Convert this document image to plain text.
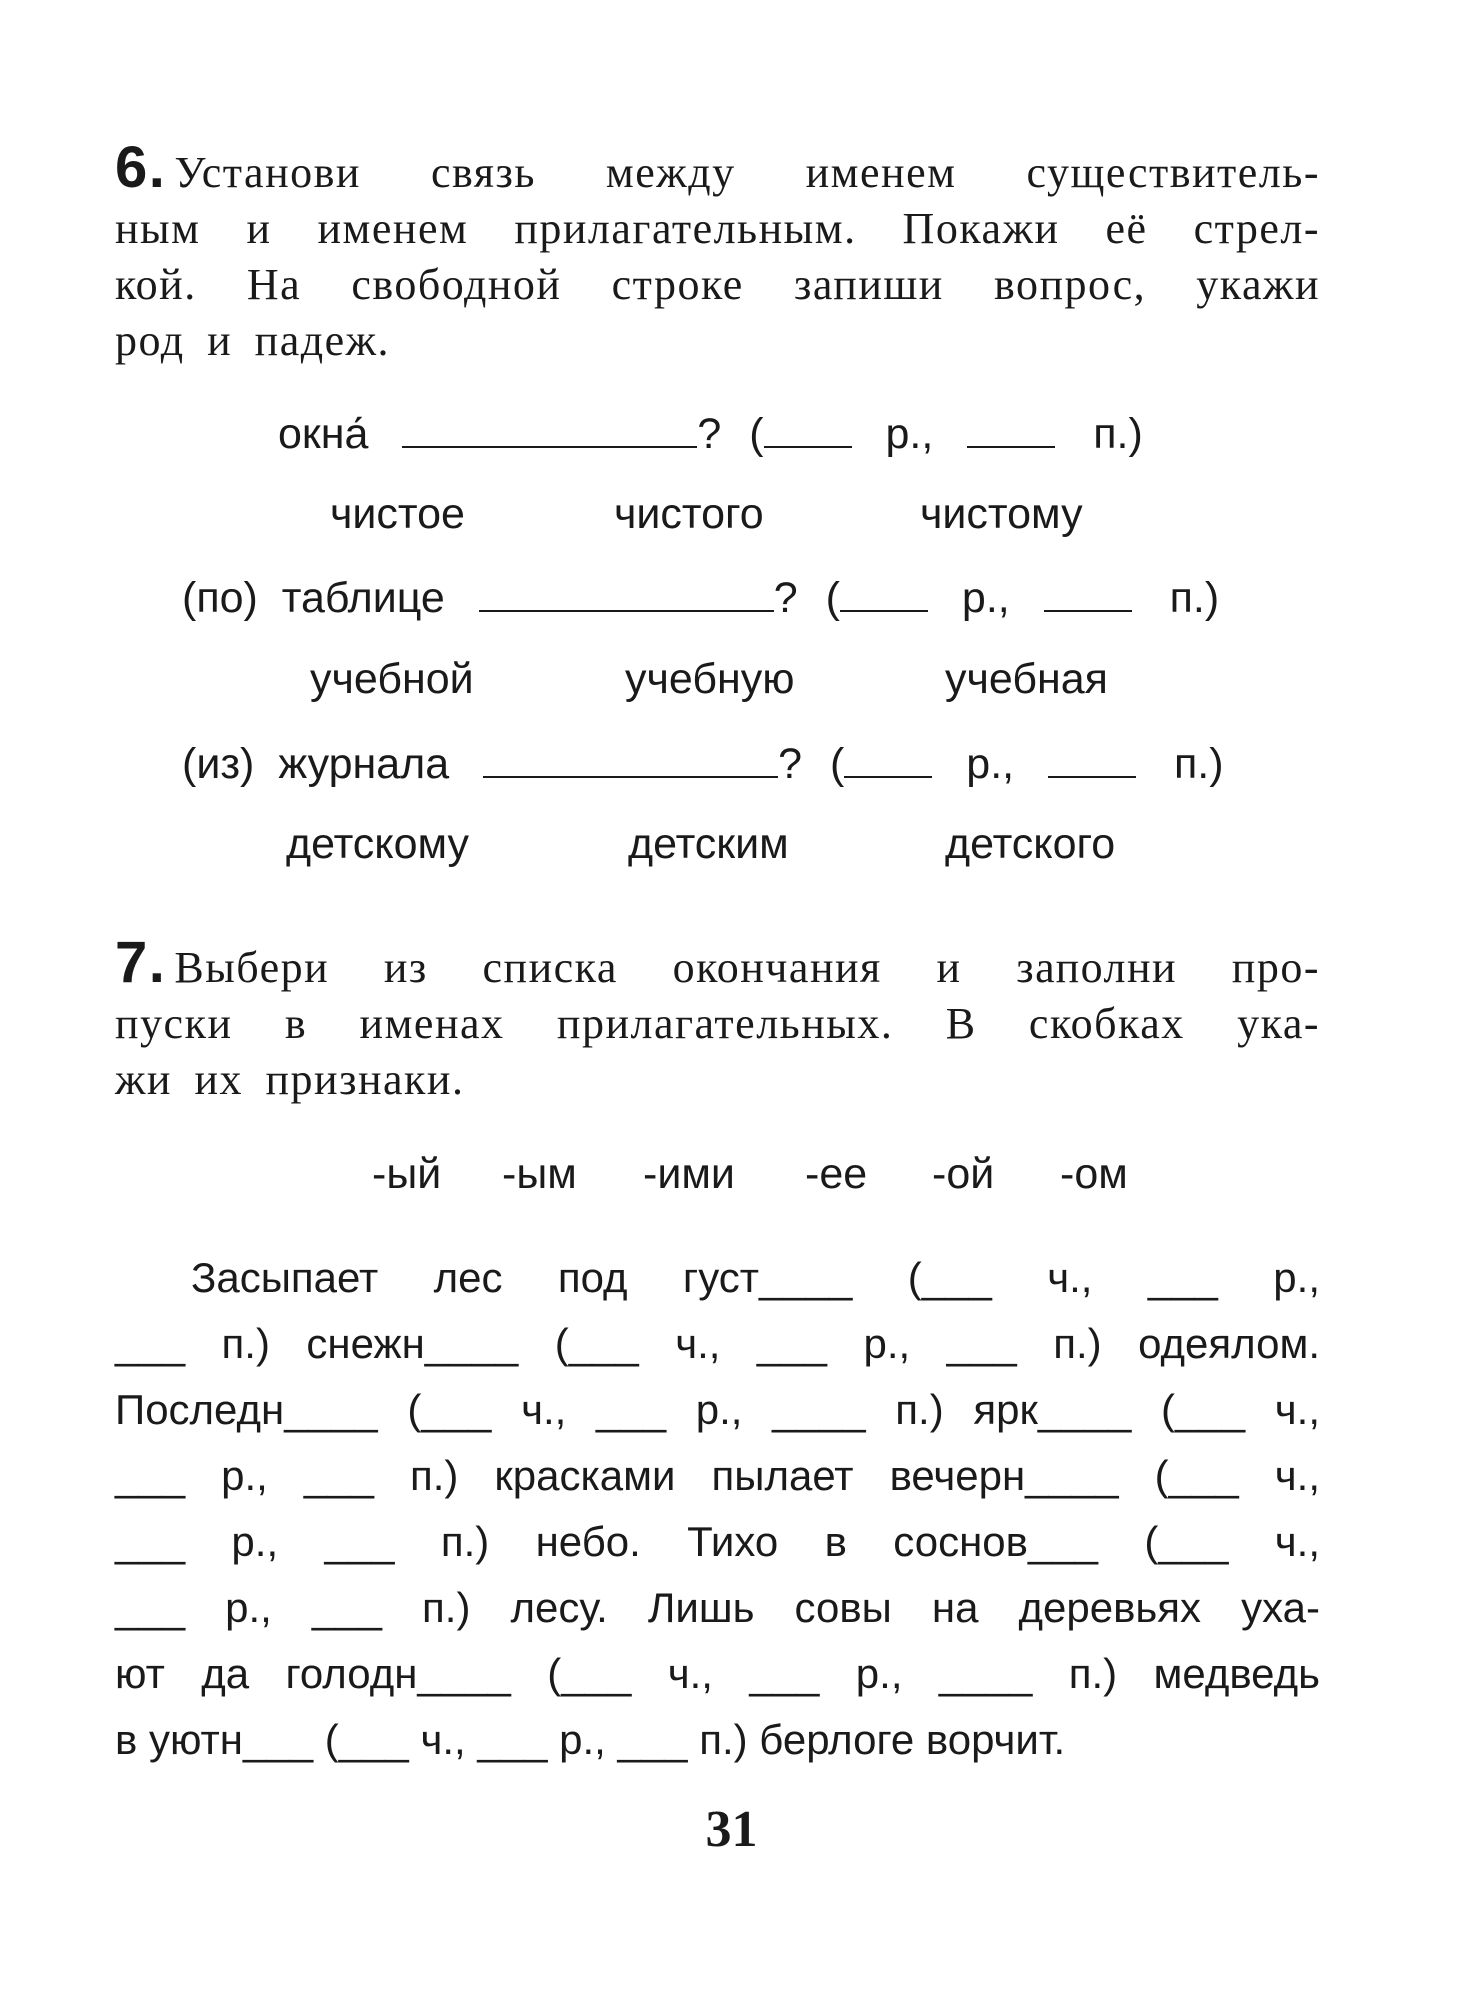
6. Установи связь между именем существитель-
ным и именем прилагательным. Покажи её стрел-
кой. На свободной строке запиши вопрос, укажи
род и падеж.
окна́	? (	р.,	п.)
чистое	чистого	чистому
(по) таблице	? (	р.,	п.)
учебной	учебную	учебная
(из) журнала	? (	р.,	п.)
детскому	детским	детского
7. Выбери из списка окончания и заполни про-
пуски в именах прилагательных. В скобках ука-
жи их признаки.
-ый -ым -ими -ее -ой -ом
Засыпает лес под густ____ (___ ч., ___ р.,
___ п.) снежн____ (___ ч., ___ р., ___ п.) одеялом.
Последн____ (___ ч., ___ р., ____ п.) ярк____ (___ ч.,
___ р., ___ п.) красками пылает вечерн____ (___ ч.,
___ р., ___ п.) небо. Тихо в соснов___ (___ ч.,
___ р., ___ п.) лесу. Лишь совы на деревьях уха-
ют да голодн____ (___ ч., ___ р., ____ п.) медведь
в уютн___ (___ ч., ___ р., ___ п.) берлоге ворчит.
31
